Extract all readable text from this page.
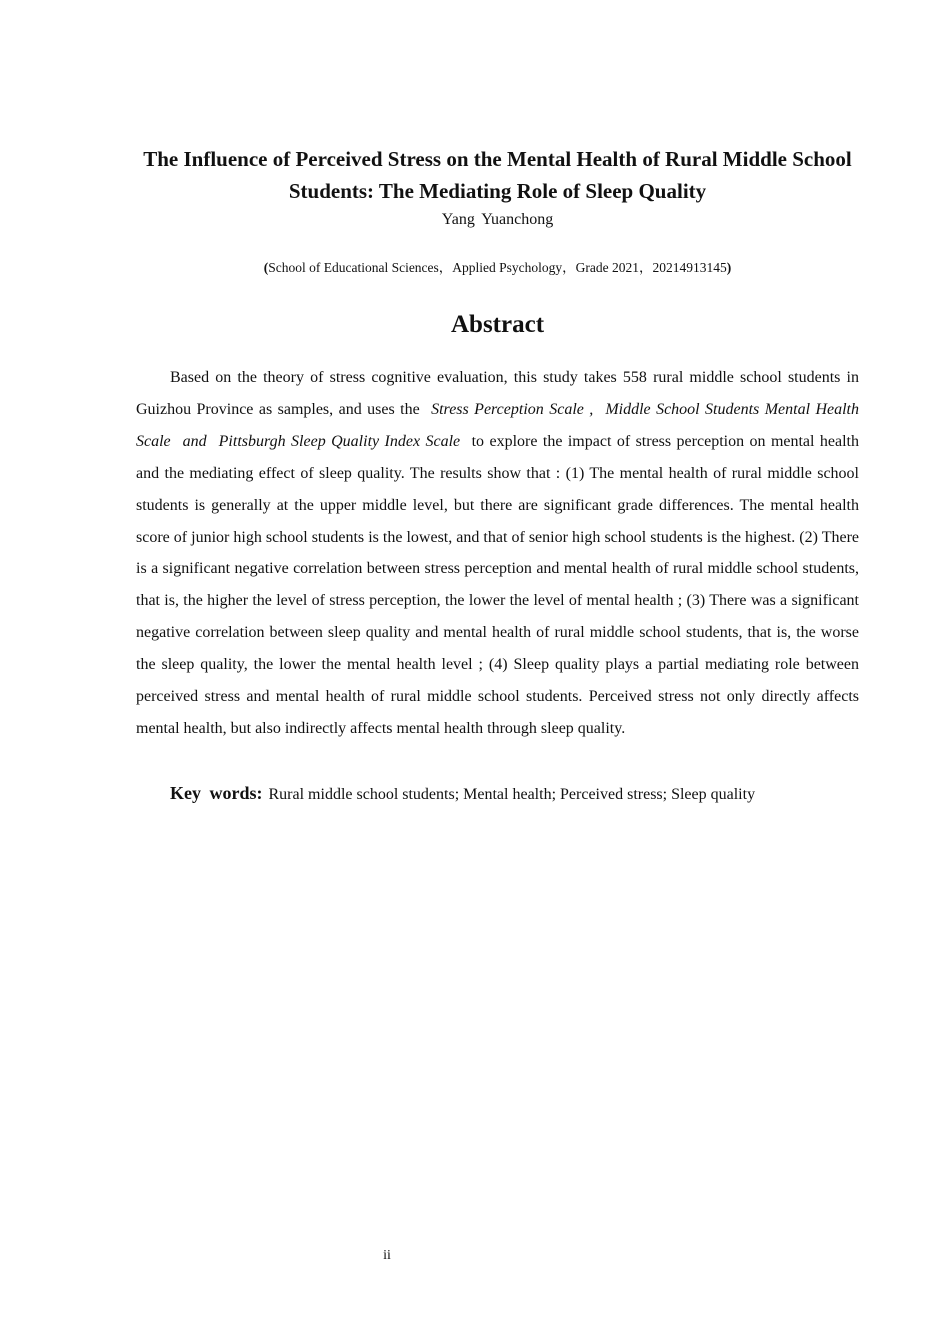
The Influence of Perceived Stress on the Mental Health of Rural Middle School Students: The Mediating Role of Sleep Quality
Yang Yuanchong
(School of Educational Sciences，Applied Psychology，Grade 2021，20214913145)
Abstract

Based on the theory of stress cognitive evaluation, this study takes 558 rural middle school students in Guizhou Province as samples, and uses the Stress Perception Scale , Middle School Students Mental Health Scale and Pittsburgh Sleep Quality Index Scale to explore the impact of stress perception on mental health and the mediating effect of sleep quality. The results show that : (1) The mental health of rural middle school students is generally at the upper middle level, but there are significant grade differences. The mental health score of junior high school students is the lowest, and that of senior high school students is the highest. (2) There is a significant negative correlation between stress perception and mental health of rural middle school students, that is, the higher the level of stress perception, the lower the level of mental health ; (3) There was a significant negative correlation between sleep quality and mental health of rural middle school students, that is, the worse the sleep quality, the lower the mental health level ; (4) Sleep quality plays a partial mediating role between perceived stress and mental health of rural middle school students. Perceived stress not only directly affects mental health, but also indirectly affects mental health through sleep quality.

Key words: Rural middle school students; Mental health; Perceived stress; Sleep quality
ii
